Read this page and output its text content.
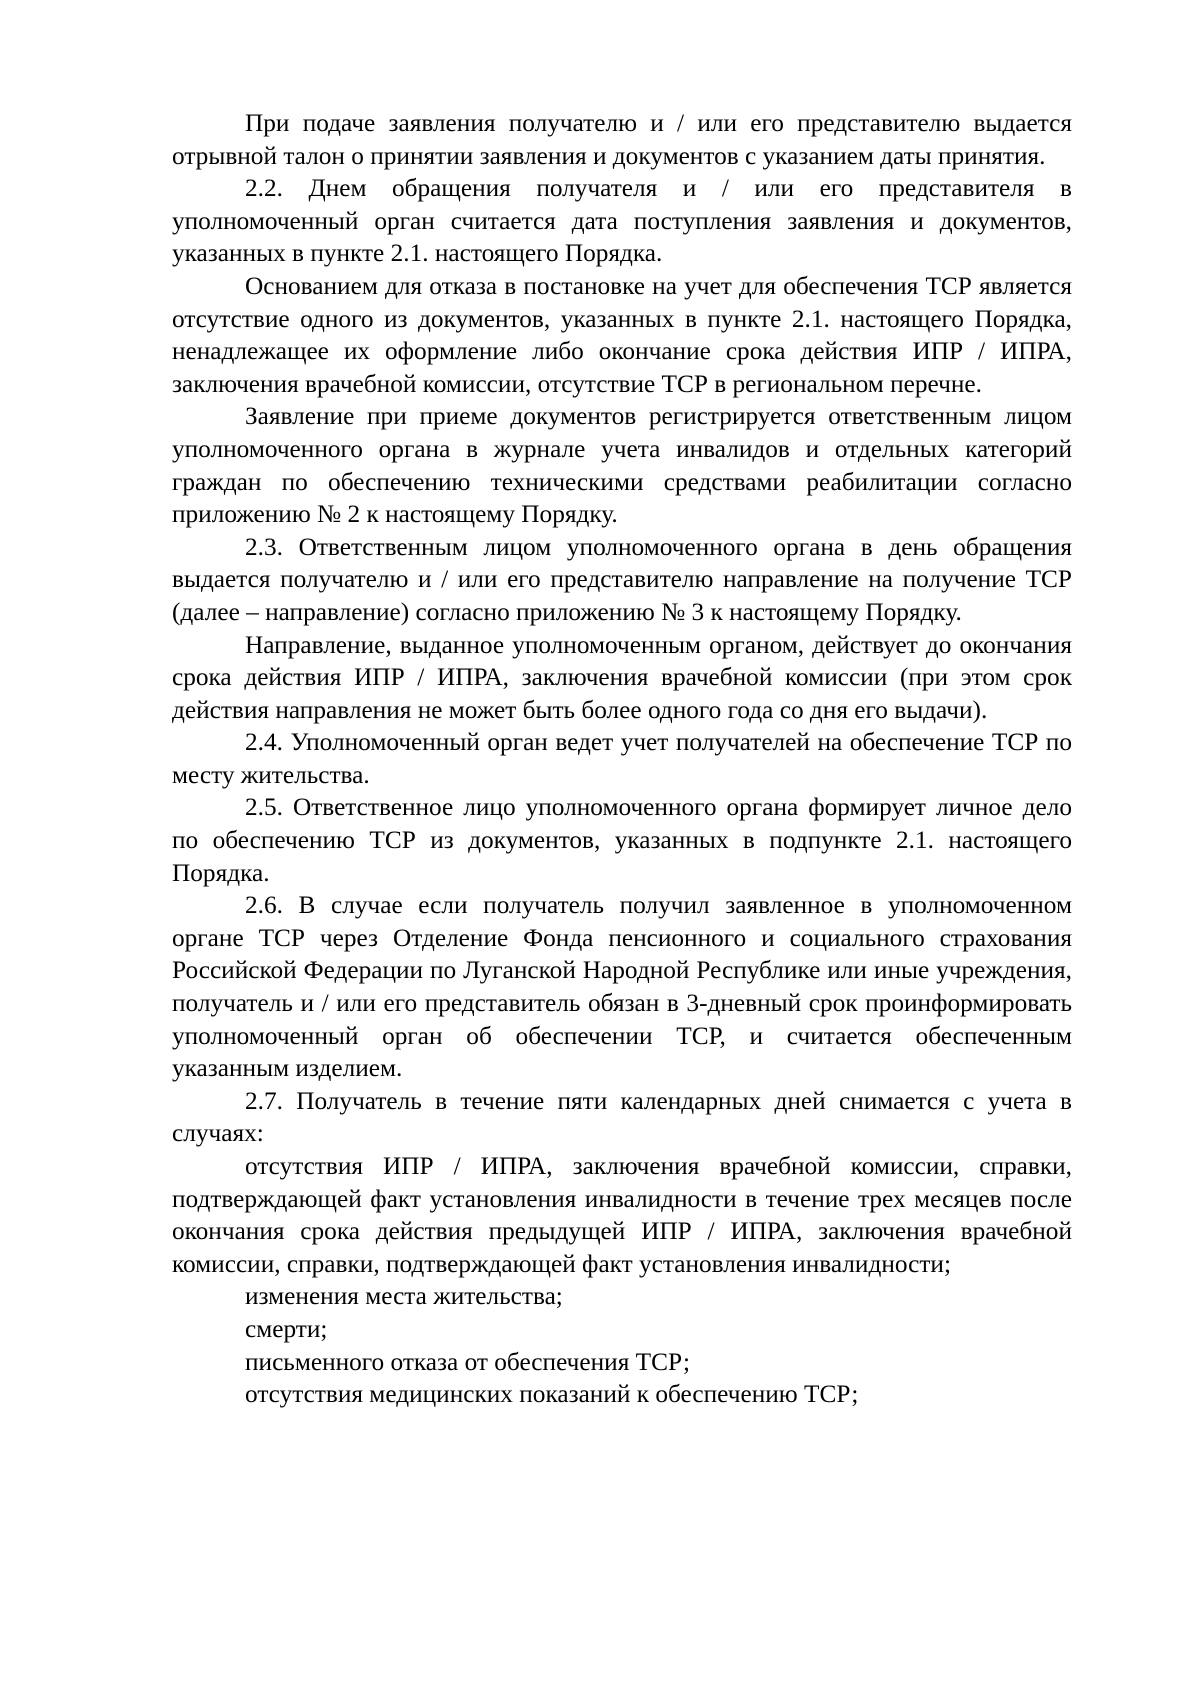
При подаче заявления получателю и / или его представителю выдается отрывной талон о принятии заявления и документов с указанием даты принятия.

2.2. Днем обращения получателя и / или его представителя в уполномоченный орган считается дата поступления заявления и документов, указанных в пункте 2.1. настоящего Порядка.

Основанием для отказа в постановке на учет для обеспечения ТСР является отсутствие одного из документов, указанных в пункте 2.1. настоящего Порядка, ненадлежащее их оформление либо окончание срока действия ИПР / ИПРА, заключения врачебной комиссии, отсутствие ТСР в региональном перечне.

Заявление при приеме документов регистрируется ответственным лицом уполномоченного органа в журнале учета инвалидов и отдельных категорий граждан по обеспечению техническими средствами реабилитации согласно приложению № 2 к настоящему Порядку.

2.3. Ответственным лицом уполномоченного органа в день обращения выдается получателю и / или его представителю направление на получение ТСР (далее – направление) согласно приложению № 3 к настоящему Порядку.

Направление, выданное уполномоченным органом, действует до окончания срока действия ИПР / ИПРА, заключения врачебной комиссии (при этом срок действия направления не может быть более одного года со дня его выдачи).

2.4. Уполномоченный орган ведет учет получателей на обеспечение ТСР по месту жительства.

2.5. Ответственное лицо уполномоченного органа формирует личное дело по обеспечению ТСР из документов, указанных в подпункте 2.1. настоящего Порядка.

2.6. В случае если получатель получил заявленное в уполномоченном органе ТСР через Отделение Фонда пенсионного и социального страхования Российской Федерации по Луганской Народной Республике или иные учреждения, получатель и / или его представитель обязан в 3-дневный срок проинформировать уполномоченный орган об обеспечении ТСР, и считается обеспеченным указанным изделием.

2.7. Получатель в течение пяти календарных дней снимается с учета в случаях:

отсутствия ИПР / ИПРА, заключения врачебной комиссии, справки, подтверждающей факт установления инвалидности в течение трех месяцев после окончания срока действия предыдущей ИПР / ИПРА, заключения врачебной комиссии, справки, подтверждающей факт установления инвалидности;

изменения места жительства;

смерти;

письменного отказа от обеспечения ТСР;

отсутствия медицинских показаний к обеспечению ТСР;
